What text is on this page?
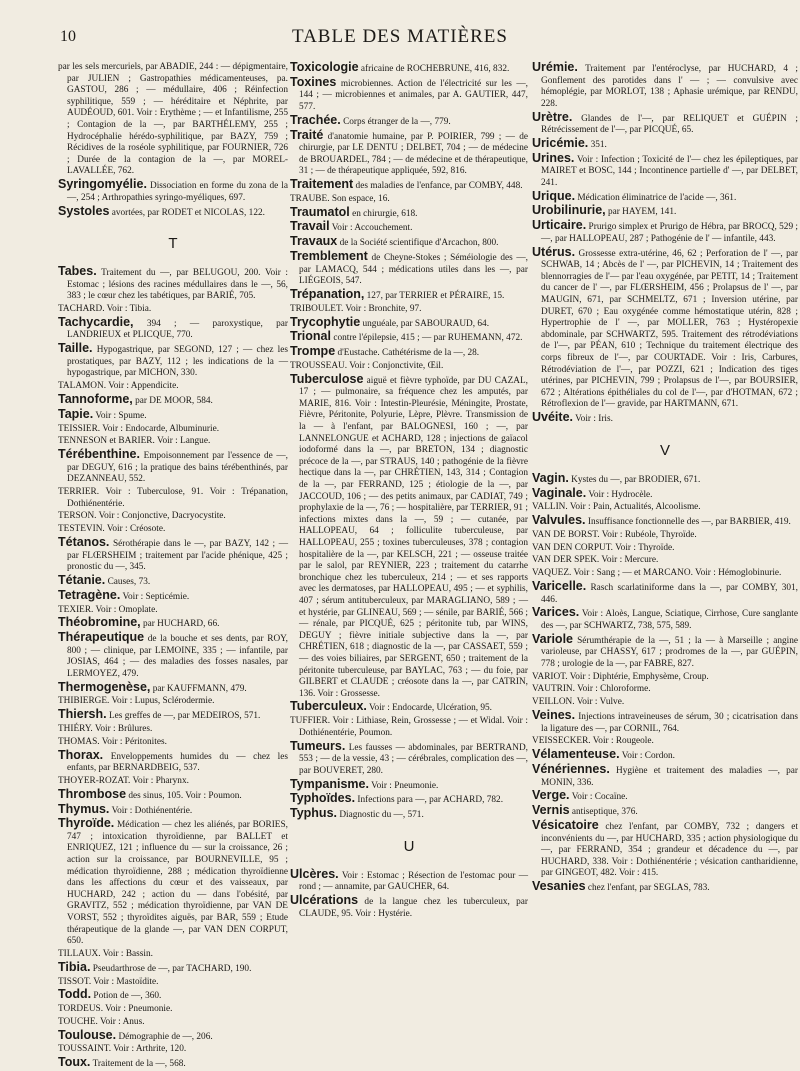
10	TABLE DES MATIÈRES

par les sels mercuriels, par ABADIE, 244 : — dépigmentaire, par JULIEN ; Gastropathies médicamenteuses, pa. GASTOU, 286 ; — médullaire, 406 ; Réinfection syphilitique, 559 ; — héréditaire et Néphrite, par AUDÉOUD, 601. Voir : Erythème ; — et Infantilisme, 255 ; Contagion de la —, par BARTHÉLEMY, 255 ; Hydrocéphalie hérédo-syphilitique, par BAZY, 759 ; Récidives de la roséole syphilitique, par FOURNIER, 726 ; Durée de la contagion de la —, par MOREL-LAVALLÉE, 762.

Syringomyélie. Dissociation en forme du zona de la —, 254 ; Arthropathies syringo-myéliques, 697.

Systoles avortées, par RODET et NICOLAS, 122.

T

Tabes. Traitement du —, par BELUGOU, 200. Voir : Estomac ; lésions des racines médullaires dans le —, 56, 383 ; le cœur chez les tabétiques, par BARIÉ, 705.

TACHARD. Voir : Tibia.

Tachycardie, 394 ; — paroxystique, par LANDRIEUX et PLICQUE, 770.

Taille. Hypogastrique, par SEGOND, 127 ; — chez les prostatiques, par BAZY, 112 ; les indications de la — hypogastrique, par MICHON, 330.

TALAMON. Voir : Appendicite.

Tannoforme, par DE MOOR, 584.

Tapie. Voir : Spume.

TEISSIER. Voir : Endocarde, Albuminurie.

TENNESON et BARIER. Voir : Langue.

Térébenthine. Empoisonnement par l'essence de —, par DEGUY, 616 ; la pratique des bains térébenthinés, par DEZANNEAU, 552.

TERRIER. Voir : Tuberculose, 91. Voir : Trépanation, Dothiénentérie.

TERSON. Voir : Conjonctive, Dacryocystite.

TESTEVIN. Voir : Créosote.

Tétanos. Sérothérapie dans le —, par BAZY, 142 ; — par FLŒRSHEIM ; traitement par l'acide phénique, 425 ; pronostic du —, 345.

Tétanie. Causes, 73.

Tetragène. Voir : Septicémie.

TEXIER. Voir : Omoplate.

Théobromine, par HUCHARD, 66.

Thérapeutique de la bouche et ses dents, par ROY, 800 ; — clinique, par LEMOINE, 335 ; — infantile, par JOSIAS, 464 ; — des maladies des fosses nasales, par LERMOYEZ, 479.

Thermogenèse, par KAUFFMANN, 479.

THIBIERGE. Voir : Lupus, Sclérodermie.

Thiersh. Les greffes de —, par MEDEIROS, 571.

THIÉRY. Voir : Brûlures.

THOMAS. Voir : Péritonites.

Thorax. Enveloppements humides du — chez les enfants, par BERNARDBEIG, 537.

THOYER-ROZAT. Voir : Pharynx.

Thrombose des sinus, 105. Voir : Poumon.

Thymus. Voir : Dothiénentérie.

Thyroïde. Médication — chez les aliénés, par BORIES, 747 ; intoxication thyroïdienne, par BALLET et ENRIQUEZ, 121 ; influence du — sur la croissance, 26 ; action sur la croissance, par BOURNEVILLE, 95 ; médication thyroïdienne, 288 ; médication thyroïdienne dans les affections du cœur et des vaisseaux, par HUCHARD, 242 ; action du — dans l'obésité, par GRAVITZ, 552 ; médication thyroïdienne, par VAN DE VORST, 552 ; thyroïdites aiguës, par BAR, 559 ; Etude thérapeutique de la glande —, par VAN DEN CORPUT, 650.

TILLAUX. Voir : Bassin.

Tibia. Pseudarthrose de —, par TACHARD, 190.

TISSOT. Voir : Mastoïdite.

Todd. Potion de —, 360.

TORDEUS. Voir : Pneumonie.

TOUCHE. Voir : Anus.

Toulouse. Démographie de —, 206.

TOUSSAINT. Voir : Arthrite, 120.

Toux. Traitement de la —, 568.

Toxicologie africaine de ROCHEBRUNE, 416, 832.

Toxines microbiennes. Action de l'électricité sur les —, 144 ; — microbiennes et animales, par A. GAUTIER, 447, 577.

Trachée. Corps étranger de la —, 779.

Traité d'anatomie humaine, par P. POIRIER, 799 ; — de chirurgie, par LE DENTU ; DELBET, 704 ; — de médecine de BROUARDEL, 784 ; — de médecine et de thérapeutique, 31 ; — de thérapeutique appliquée, 592, 816.

Traitement des maladies de l'enfance, par COMBY, 448.

TRAUBE. Son espace, 16.

Traumatol en chirurgie, 618.

Travail Voir : Accouchement.

Travaux de la Société scientifique d'Arcachon, 800.

Tremblement de Cheyne-Stokes ; Séméiologie des —, par LAMACQ, 544 ; médications utiles dans les —, par LIÉGEOIS, 547.

Trépanation, 127, par TERRIER et PÉRAIRE, 15.

TRIBOULET. Voir : Bronchite, 97.

Trycophytie unguéale, par SABOURAUD, 64.

Trional contre l'épilepsie, 415 ; — par RUHEMANN, 472.

Trompe d'Eustache. Cathétérisme de la —, 28.

TROUSSEAU. Voir : Conjonctivite, Œil.

Tuberculose aiguë et fièvre typhoïde, par DU CAZAL, 17 ; — pulmonaire, sa fréquence chez les amputés, par MARIE, 816. Voir : Intestin-Pleurésie, Méningite, Prostate, Fièvre, Péritonite, Polyurie, Lèpre, Plèvre. Transmission de la — à l'enfant, par BALOGNESI, 160 ; —, par LANNELONGUE et ACHARD, 128 ; injections de gaïacol iodoformé dans la —, par BRETON, 134 ; diagnostic précoce de la —, par STRAUS, 140 ; pathogénie de la fièvre hectique dans la —, par CHRÉTIEN, 143, 314 ; Contagion de la —, par FERRAND, 125 ; étiologie de la —, par JACCOUD, 106 ; — des petits animaux, par CADIAT, 749 ; prophylaxie de la —, 76 ; — hospitalière, par TERRIER, 91 ; infections mixtes dans la —, 59 ; — cutanée, par HALLOPEAU, 64 ; folliculite tuberculeuse, par HALLOPEAU, 255 ; toxines tuberculeuses, 378 ; contagion hospitalière de la —, par KELSCH, 221 ; — osseuse traitée par le salol, par REYNIER, 223 ; traitement du catarrhe bronchique chez les tuberculeux, 214 ; — et ses rapports avec les dermatoses, par HALLOPEAU, 495 ; — et syphilis, 407 ; sérum antituberculeux, par MARAGLIANO, 589 ; — et hystérie, par GLINEAU, 569 ; — sénile, par BARIÉ, 566 ; — rénale, par PICQUÉ, 625 ; péritonite tub, par WINS, DEGUY ; fièvre initiale subjective dans la —, par CHRÉTIEN, 618 ; diagnostic de la —, par CASSAET, 559 ; — des voies biliaires, par SERGENT, 650 ; traitement de la péritonite tuberculeuse, par BAYLAC, 763 ; — du foie, par GILBERT et CLAUDE ; créosote dans la —, par CATRIN, 136. Voir : Grossesse.

Tuberculeux. Voir : Endocarde, Ulcération, 95.

TUFFIER. Voir : Lithiase, Rein, Grossesse ; — et Widal. Voir : Dothiénentérie, Poumon.

Tumeurs. Les fausses — abdominales, par BERTRAND, 553 ; — de la vessie, 43 ; — cérébrales, complication des —, par BOUVERET, 280.

Tympanisme. Voir : Pneumonie.

Typhoïdes. Infections para —, par ACHARD, 782.

Typhus. Diagnostic du —, 571.

U

Ulcères. Voir : Estomac ; Résection de l'estomac pour — rond ; — annamite, par GAUCHER, 64.

Ulcérations de la langue chez les tuberculeux, par CLAUDE, 95. Voir : Hystérie.

Urémie. Traitement par l'entéroclyse, par HUCHARD, 4 ; Gonflement des parotides dans l' — ; — convulsive avec hémoplégie, par MORLOT, 138 ; Aphasie urémique, par RENDU, 228.

Urètre. Glandes de l'—, par RELIQUET et GUÉPIN ; Rétrécissement de l'—, par PICQUÉ, 65.

Uricémie. 351.

Urines. Voir : Infection ; Toxicité de l'— chez les épileptiques, par MAIRET et BOSC, 144 ; Incontinence partielle d' —, par DELBET, 241.

Urique. Médication éliminatrice de l'acide —, 361.

Urobilinurie, par HAYEM, 141.

Urticaire. Prurigo simplex et Prurigo de Hébra, par BROCQ, 529 ; —, par HALLOPEAU, 287 ; Pathogénie de l' — infantile, 443.

Utérus. Grossesse extra-utérine, 46, 62 ; Perforation de l' —, par SCHWAB, 14 ; Abcès de l' —, par PICHEVIN, 14 ; Traitement des blennorragies de l'— par l'eau oxygénée, par PETIT, 14 ; Traitement du cancer de l' —, par FLŒRSHEIM, 456 ; Prolapsus de l' —, par MAUGIN, 671, par SCHMELTZ, 671 ; Inversion utérine, par DURET, 670 ; Eau oxygénée comme hémostatique utérin, 828 ; Hypertrophie de l' —, par MOLLER, 763 ; Hystéropexie abdominale, par SCHWARTZ, 595. Traitement des rétrodéviations de l'—, par PÉAN, 610 ; Technique du traitement électrique des corps fibreux de l'—, par COURTADE. Voir : Iris, Carbures, Rétrodéviation de l'—, par POZZI, 621 ; Indication des tiges utérines, par PICHEVIN, 799 ; Prolapsus de l'—, par BOURSIER, 672 ; Altérations épithéliales du col de l'—, par d'HOTMAN, 672 ; Rétroflexion de l'— gravide, par HARTMANN, 671.

Uvéite. Voir : Iris.

V

Vagin. Kystes du —, par BRODIER, 671.

Vaginale. Voir : Hydrocèle.

VALLIN. Voir : Pain, Actualités, Alcoolisme.

Valvules. Insuffisance fonctionnelle des —, par BARBIER, 419.

VAN DE BORST. Voir : Rubéole, Thyroïde.

VAN DEN CORPUT. Voir : Thyroïde.

VAN DER SPEK. Voir : Mercure.

VAQUEZ. Voir : Sang ; — et MARCANO. Voir : Hémoglobinurie.

Varicelle. Rasch scarlatiniforme dans la —, par COMBY, 301, 446.

Varices. Voir : Aloès, Langue, Sciatique, Cirrhose, Cure sanglante des —, par SCHWARTZ, 738, 575, 589.

Variole Sérumthérapie de la —, 51 ; la — à Marseille ; angine varioleuse, par CHASSY, 617 ; prodromes de la —, par GUÉPIN, 778 ; urologie de la —, par FABRE, 827.

VARIOT. Voir : Diphtérie, Emphysème, Croup.

VAUTRIN. Voir : Chloroforme.

VEILLON. Voir : Vulve.

Veines. Injections intraveineuses de sérum, 30 ; cicatrisation dans la ligature des —, par CORNIL, 764.

VEISSECKER. Voir : Rougeole.

Vélamenteuse. Voir : Cordon.

Vénériennes. Hygiène et traitement des maladies —, par MONIN, 336.

Verge. Voir : Cocaïne.

Vernis antiseptique, 376.

Vésicatoire chez l'enfant, par COMBY, 732 ; dangers et inconvénients du —, par HUCHARD, 335 ; action physiologique du —, par FERRAND, 354 ; grandeur et décadence du —, par HUCHARD, 338. Voir : Dothiénentérie ; vésication cantharidienne, par GINGEOT, 482. Voir : 415.

Vesanies chez l'enfant, par SEGLAS, 783.
